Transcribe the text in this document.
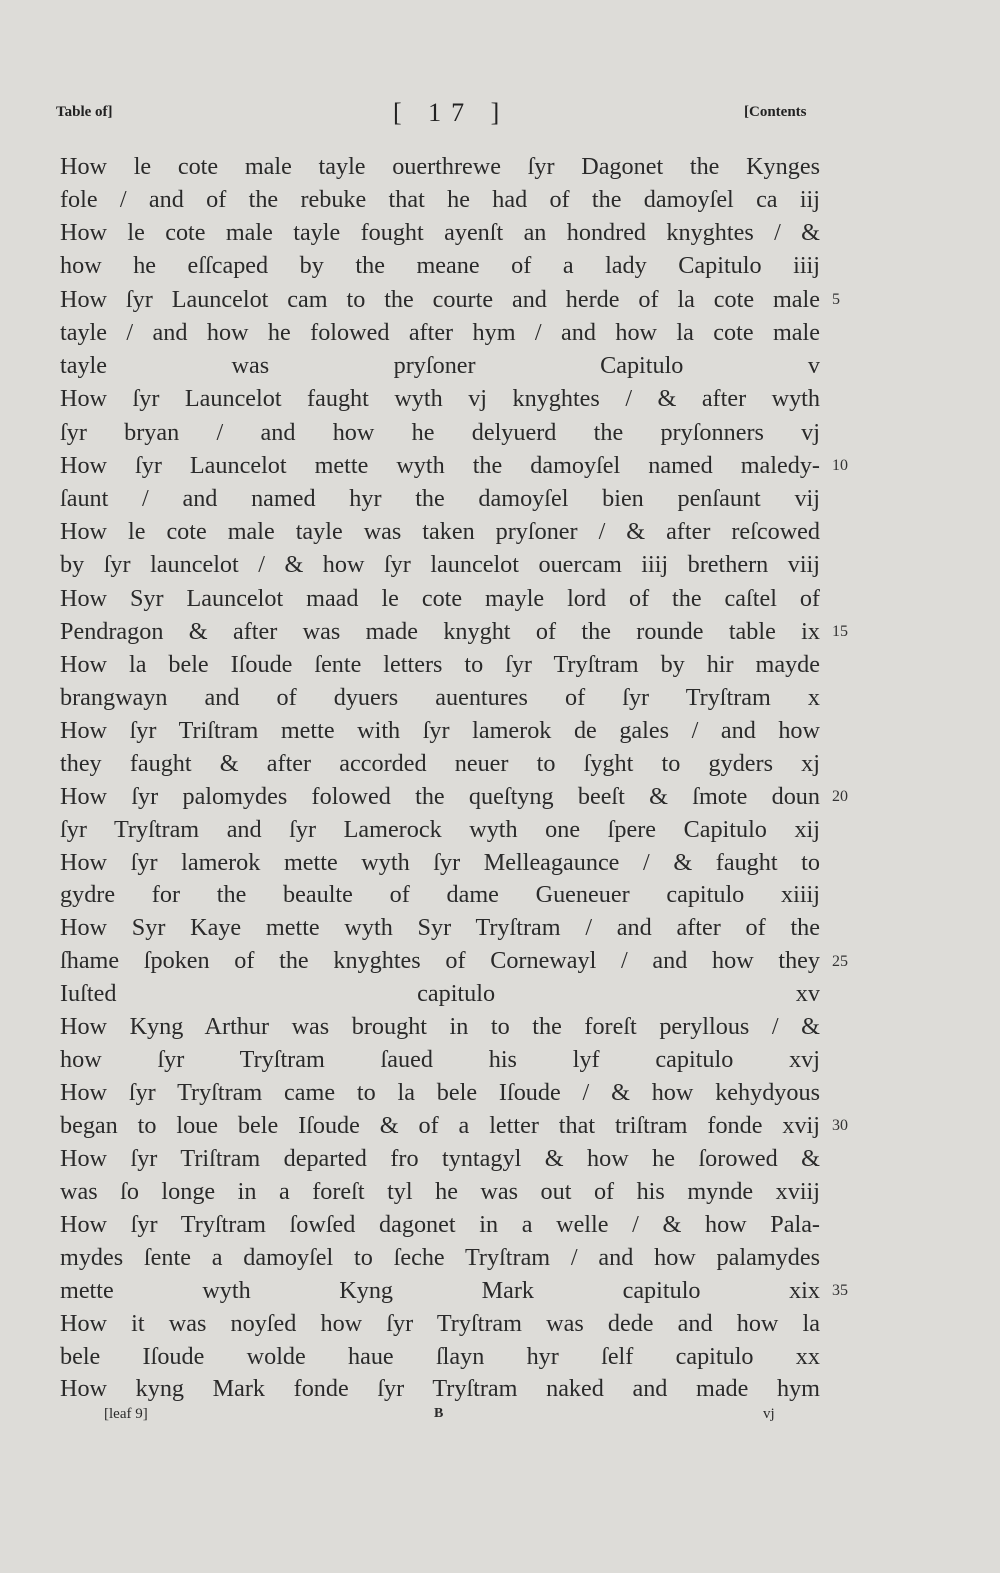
Table of]	[ 17 ]	[Contents
How le cote male tayle ouerthrewe ſyr Dagonet the Kynges
fole / and of the rebuke that he had of the damoyſel ca iij
How le cote male tayle fought ayenſt an hondred knyghtes / &
how he eſſcaped by the meane of a lady Capitulo iiij
How ſyr Launcelot cam to the courte and herde of la cote male
tayle / and how he folowed after hym / and how la cote male
tayle was pryſoner Capitulo v
How ſyr Launcelot faught wyth vj knyghtes / & after wyth
ſyr bryan / and how he delyuerd the pryſonners vj
How ſyr Launcelot mette wyth the damoyſel named maledy-
ſaunt / and named hyr the damoyſel bien penſaunt vij
How le cote male tayle was taken pryſoner / & after reſcowed
by ſyr launcelot / & how ſyr launcelot ouercam iiij brethern viij
How Syr Launcelot maad le cote mayle lord of the caſtel of
Pendragon & after was made knyght of the rounde table ix
How la bele Iſoude ſente letters to ſyr Tryſtram by hir mayde
brangwayn and of dyuers auentures of ſyr Tryſtram x
How ſyr Triſtram mette with ſyr lamerok de gales / and how
they faught & after accorded neuer to ſyght to gyders xj
How ſyr palomydes folowed the queſtyng beeſt & ſmote doun
ſyr Tryſtram and ſyr Lamerock wyth one ſpere Capitulo xij
How ſyr lamerok mette wyth ſyr Melleagaunce / & faught to
gydre for the beaulte of dame Gueneuer capitulo xiiij
How Syr Kaye mette wyth Syr Tryſtram / and after of the
ſhame ſpoken of the knyghtes of Cornewayl / and how they
Iuſted capitulo xv
How Kyng Arthur was brought in to the foreſt peryllous / &
how ſyr Tryſtram ſaued his lyf capitulo xvj
How ſyr Tryſtram came to la bele Iſoude / & how kehydyous
began to loue bele Iſoude & of a letter that triſtram fonde xvij
How ſyr Triſtram departed fro tyntagyl & how he ſorowed &
was ſo longe in a foreſt tyl he was out of his mynde xviij
How ſyr Tryſtram ſowſed dagonet in a welle / & how Pala-
mydes ſente a damoyſel to ſeche Tryſtram / and how palamydes
mette wyth Kyng Mark capitulo xix
How it was noyſed how ſyr Tryſtram was dede and how la
bele Iſoude wolde haue ſlayn hyr ſelf capitulo xx
How kyng Mark fonde ſyr Tryſtram naked and made hym
5
10
15
20
25
30
35
[leaf 9]	B	vj
